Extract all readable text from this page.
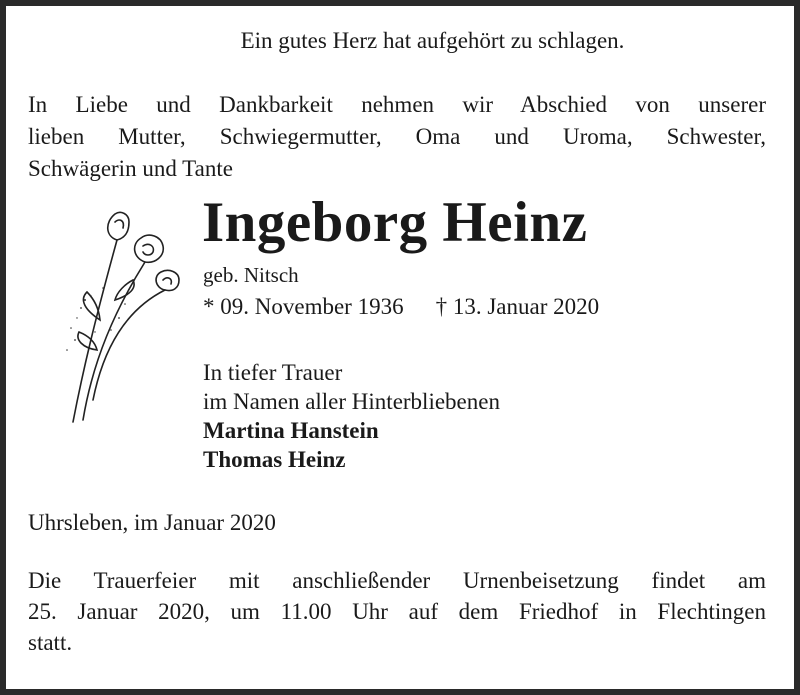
Ein gutes Herz hat aufgehört zu schlagen.
In Liebe und Dankbarkeit nehmen wir Abschied von unserer
lieben Mutter, Schwiegermutter, Oma und Uroma, Schwester,
Schwägerin und Tante
Ingeborg Heinz
geb. Nitsch
* 09. November 1936 † 13. Januar 2020
In tiefer Trauer
im Namen aller Hinterbliebenen
Martina Hanstein
Thomas Heinz
Uhrsleben, im Januar 2020
Die Trauerfeier mit anschließender Urnenbeisetzung findet am
25. Januar 2020, um 11.00 Uhr auf dem Friedhof in Flechtingen
statt.
